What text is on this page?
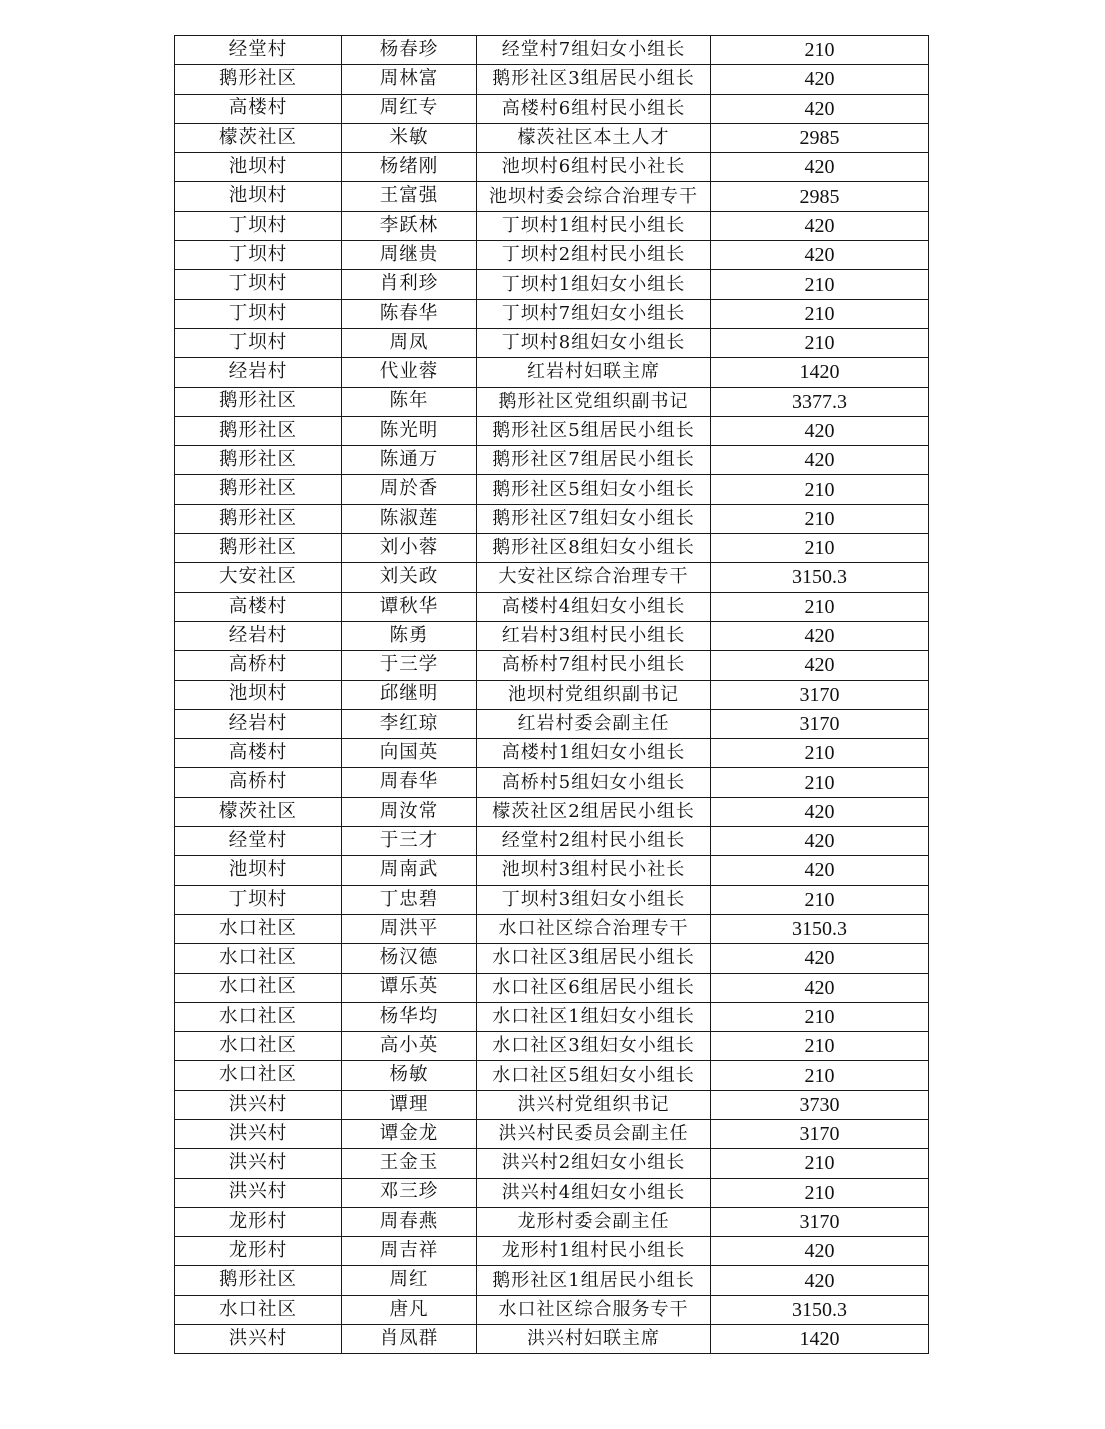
经堂村	杨春珍	经堂村7组妇女小组长	210
鹅形社区	周林富	鹅形社区3组居民小组长	420
高楼村	周红专	高楼村6组村民小组长	420
檬茨社区	米敏	檬茨社区本土人才	2985
池坝村	杨绪刚	池坝村6组村民小社长	420
池坝村	王富强	池坝村委会综合治理专干	2985
丁坝村	李跃林	丁坝村1组村民小组长	420
丁坝村	周继贵	丁坝村2组村民小组长	420
丁坝村	肖利珍	丁坝村1组妇女小组长	210
丁坝村	陈春华	丁坝村7组妇女小组长	210
丁坝村	周凤	丁坝村8组妇女小组长	210
经岩村	代业蓉	红岩村妇联主席	1420
鹅形社区	陈年	鹅形社区党组织副书记	3377.3
鹅形社区	陈光明	鹅形社区5组居民小组长	420
鹅形社区	陈通万	鹅形社区7组居民小组长	420
鹅形社区	周於香	鹅形社区5组妇女小组长	210
鹅形社区	陈淑莲	鹅形社区7组妇女小组长	210
鹅形社区	刘小蓉	鹅形社区8组妇女小组长	210
大安社区	刘关政	大安社区综合治理专干	3150.3
高楼村	谭秋华	高楼村4组妇女小组长	210
经岩村	陈勇	红岩村3组村民小组长	420
高桥村	于三学	高桥村7组村民小组长	420
池坝村	邱继明	池坝村党组织副书记	3170
经岩村	李红琼	红岩村委会副主任	3170
高楼村	向国英	高楼村1组妇女小组长	210
高桥村	周春华	高桥村5组妇女小组长	210
檬茨社区	周汝常	檬茨社区2组居民小组长	420
经堂村	于三才	经堂村2组村民小组长	420
池坝村	周南武	池坝村3组村民小社长	420
丁坝村	丁忠碧	丁坝村3组妇女小组长	210
水口社区	周洪平	水口社区综合治理专干	3150.3
水口社区	杨汉德	水口社区3组居民小组长	420
水口社区	谭乐英	水口社区6组居民小组长	420
水口社区	杨华均	水口社区1组妇女小组长	210
水口社区	高小英	水口社区3组妇女小组长	210
水口社区	杨敏	水口社区5组妇女小组长	210
洪兴村	谭理	洪兴村党组织书记	3730
洪兴村	谭金龙	洪兴村民委员会副主任	3170
洪兴村	王金玉	洪兴村2组妇女小组长	210
洪兴村	邓三珍	洪兴村4组妇女小组长	210
龙形村	周春燕	龙形村委会副主任	3170
龙形村	周吉祥	龙形村1组村民小组长	420
鹅形社区	周红	鹅形社区1组居民小组长	420
水口社区	唐凡	水口社区综合服务专干	3150.3
洪兴村	肖凤群	洪兴村妇联主席	1420
